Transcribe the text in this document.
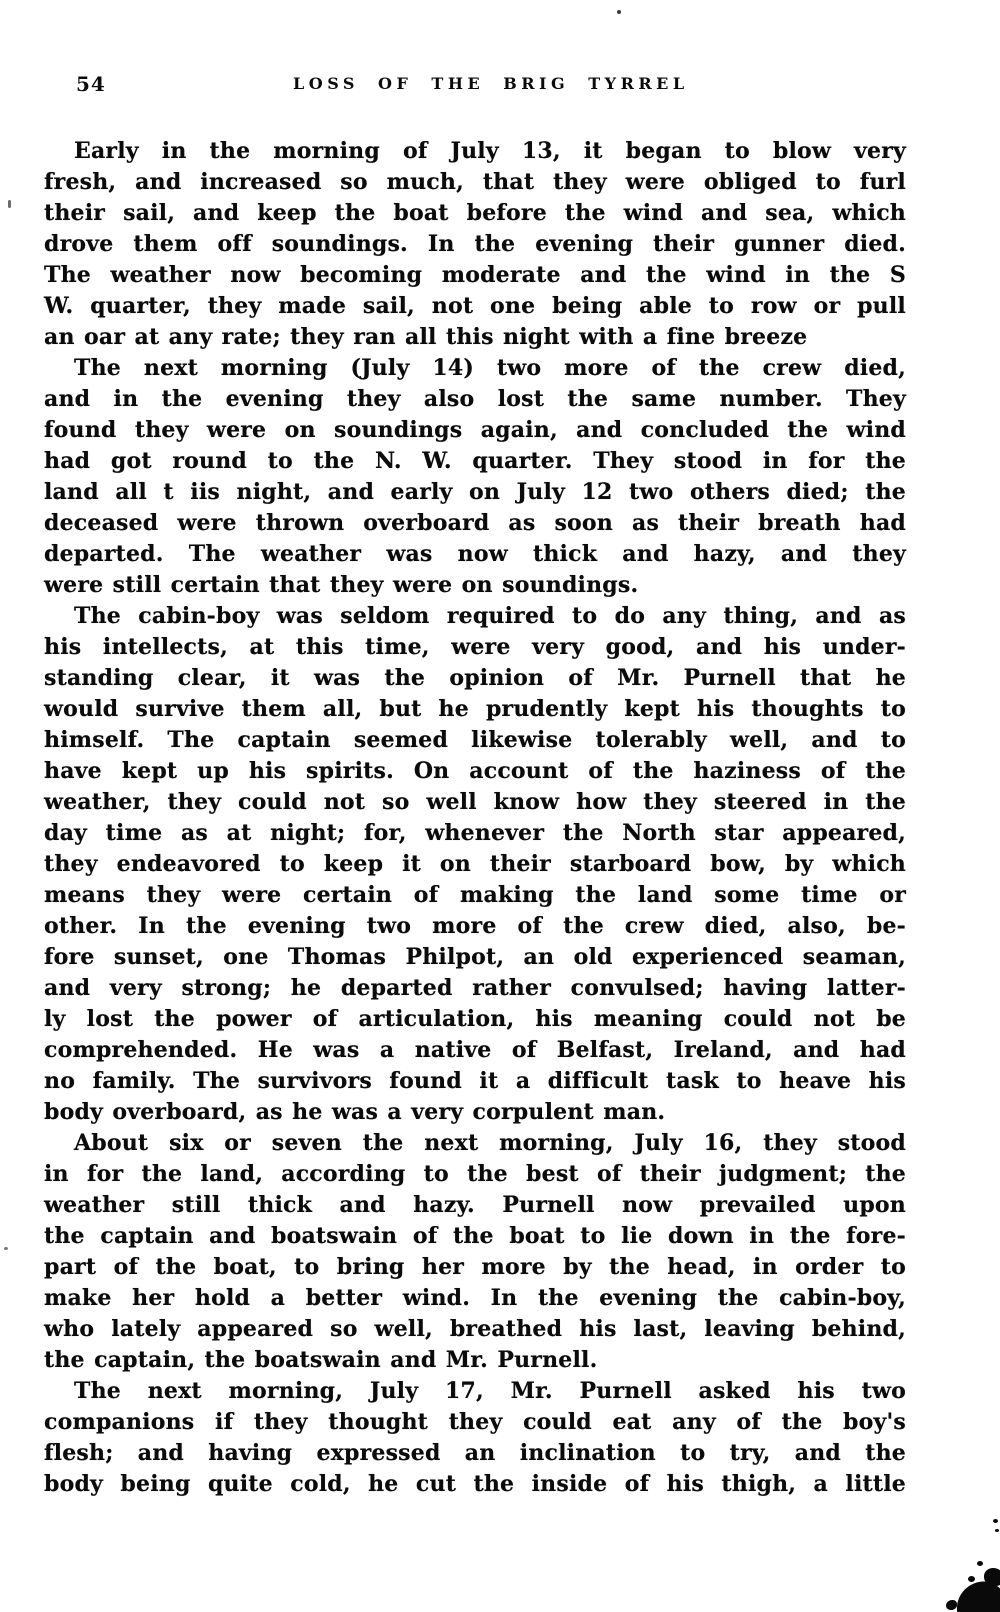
54	LOSS OF THE BRIG TYRREL
Early in the morning of July 13, it began to blow very
fresh, and increased so much, that they were obliged to furl
their sail, and keep the boat before the wind and sea, which
drove them off soundings. In the evening their gunner died.
The weather now becoming moderate and the wind in the S
W. quarter, they made sail, not one being able to row or pull
an oar at any rate; they ran all this night with a fine breeze
The next morning (July 14) two more of the crew died,
and in the evening they also lost the same number. They
found they were on soundings again, and concluded the wind
had got round to the N. W. quarter. They stood in for the
land all t iis night, and early on July 12 two others died; the
deceased were thrown overboard as soon as their breath had
departed. The weather was now thick and hazy, and they
were still certain that they were on soundings.
The cabin-boy was seldom required to do any thing, and as
his intellects, at this time, were very good, and his under-
standing clear, it was the opinion of Mr. Purnell that he
would survive them all, but he prudently kept his thoughts to
himself. The captain seemed likewise tolerably well, and to
have kept up his spirits. On account of the haziness of the
weather, they could not so well know how they steered in the
day time as at night; for, whenever the North star appeared,
they endeavored to keep it on their starboard bow, by which
means they were certain of making the land some time or
other. In the evening two more of the crew died, also, be-
fore sunset, one Thomas Philpot, an old experienced seaman,
and very strong; he departed rather convulsed; having latter-
ly lost the power of articulation, his meaning could not be
comprehended. He was a native of Belfast, Ireland, and had
no family. The survivors found it a difficult task to heave his
body overboard, as he was a very corpulent man.
About six or seven the next morning, July 16, they stood
in for the land, according to the best of their judgment; the
weather still thick and hazy. Purnell now prevailed upon
the captain and boatswain of the boat to lie down in the fore-
part of the boat, to bring her more by the head, in order to
make her hold a better wind. In the evening the cabin-boy,
who lately appeared so well, breathed his last, leaving behind,
the captain, the boatswain and Mr. Purnell.
The next morning, July 17, Mr. Purnell asked his two
companions if they thought they could eat any of the boy's
flesh; and having expressed an inclination to try, and the
body being quite cold, he cut the inside of his thigh, a little
